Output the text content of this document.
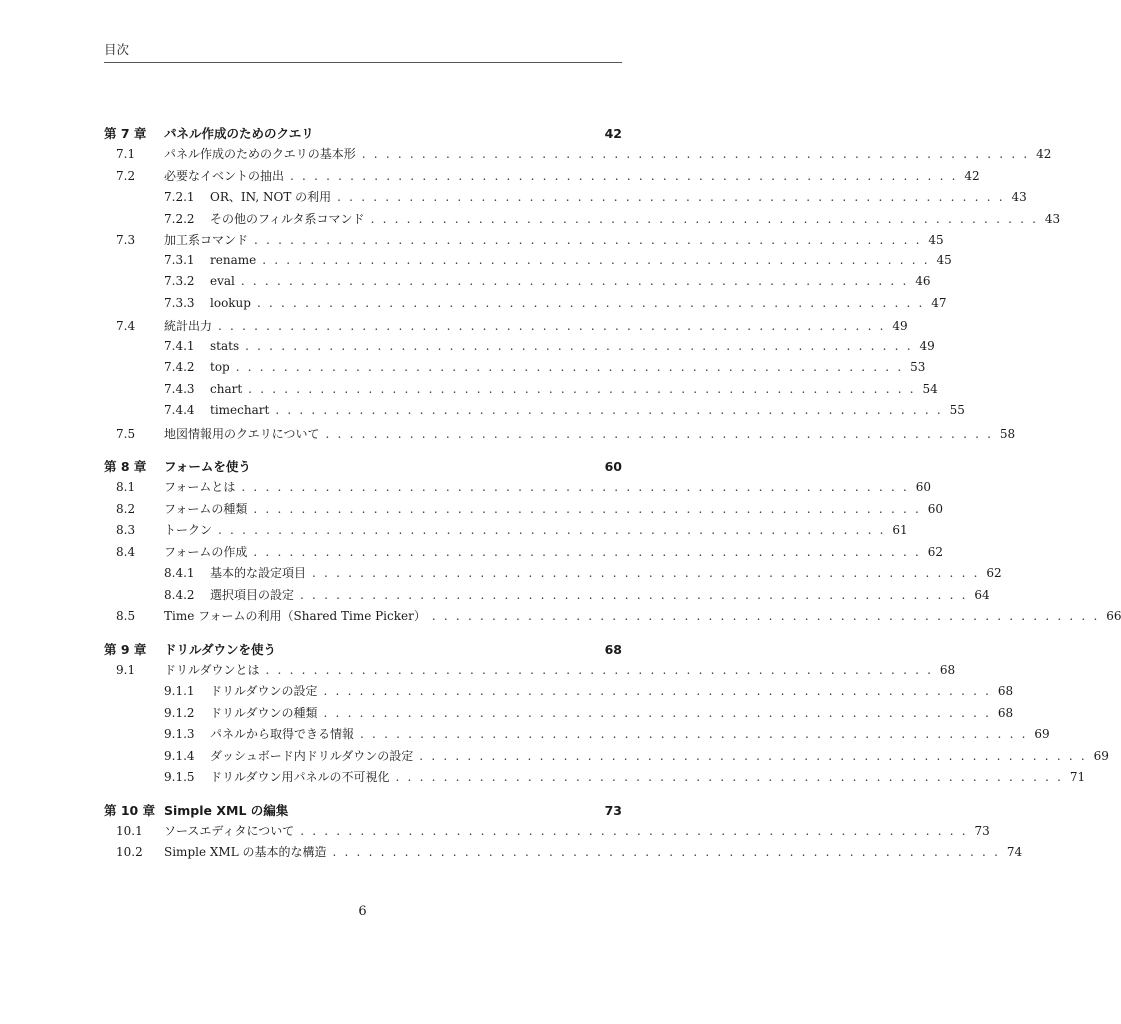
目次
第 7 章	パネル作成のためのクエリ	42
7.1	パネル作成のためのクエリの基本形 . . . . . . . . . . . . . . . . . . . . . . . . . . . . . . . . . . . . . . . . . . . . . . . . . . . . . . . . 42
7.2	必要なイベントの抽出 . . . . . . . . . . . . . . . . . . . . . . . . . . . . . . . . . . . . . . . . . . . . . . . . . . . . . . . . 42
7.2.1	OR、IN, NOT の利用 . . . . . . . . . . . . . . . . . . . . . . . . . . . . . . . . . . . . . . . . . . . . . . . . . . . . . . . . 43
7.2.2	その他のフィルタ系コマンド . . . . . . . . . . . . . . . . . . . . . . . . . . . . . . . . . . . . . . . . . . . . . . . . . . . . . . . . 43
7.3	加工系コマンド . . . . . . . . . . . . . . . . . . . . . . . . . . . . . . . . . . . . . . . . . . . . . . . . . . . . . . . . 45
7.3.1	rename . . . . . . . . . . . . . . . . . . . . . . . . . . . . . . . . . . . . . . . . . . . . . . . . . . . . . . . . 45
7.3.2	eval . . . . . . . . . . . . . . . . . . . . . . . . . . . . . . . . . . . . . . . . . . . . . . . . . . . . . . . . 46
7.3.3	lookup . . . . . . . . . . . . . . . . . . . . . . . . . . . . . . . . . . . . . . . . . . . . . . . . . . . . . . . . 47
7.4	統計出力 . . . . . . . . . . . . . . . . . . . . . . . . . . . . . . . . . . . . . . . . . . . . . . . . . . . . . . . . 49
7.4.1	stats . . . . . . . . . . . . . . . . . . . . . . . . . . . . . . . . . . . . . . . . . . . . . . . . . . . . . . . . 49
7.4.2	top . . . . . . . . . . . . . . . . . . . . . . . . . . . . . . . . . . . . . . . . . . . . . . . . . . . . . . . . 53
7.4.3	chart . . . . . . . . . . . . . . . . . . . . . . . . . . . . . . . . . . . . . . . . . . . . . . . . . . . . . . . . 54
7.4.4	timechart . . . . . . . . . . . . . . . . . . . . . . . . . . . . . . . . . . . . . . . . . . . . . . . . . . . . . . . . 55
7.5	地図情報用のクエリについて . . . . . . . . . . . . . . . . . . . . . . . . . . . . . . . . . . . . . . . . . . . . . . . . . . . . . . . . 58
第 8 章	フォームを使う	60
8.1	フォームとは . . . . . . . . . . . . . . . . . . . . . . . . . . . . . . . . . . . . . . . . . . . . . . . . . . . . . . . . 60
8.2	フォームの種類 . . . . . . . . . . . . . . . . . . . . . . . . . . . . . . . . . . . . . . . . . . . . . . . . . . . . . . . . 60
8.3	トークン . . . . . . . . . . . . . . . . . . . . . . . . . . . . . . . . . . . . . . . . . . . . . . . . . . . . . . . . 61
8.4	フォームの作成 . . . . . . . . . . . . . . . . . . . . . . . . . . . . . . . . . . . . . . . . . . . . . . . . . . . . . . . . 62
8.4.1	基本的な設定項目 . . . . . . . . . . . . . . . . . . . . . . . . . . . . . . . . . . . . . . . . . . . . . . . . . . . . . . . . 62
8.4.2	選択項目の設定 . . . . . . . . . . . . . . . . . . . . . . . . . . . . . . . . . . . . . . . . . . . . . . . . . . . . . . . . 64
8.5	Time フォームの利用（Shared Time Picker） . . . . . . . . . . . . . . . . . . . . . . . . . . . . . . . . . . . . . . . . . . . . . . . . . . . . . . . . 66
第 9 章	ドリルダウンを使う	68
9.1	ドリルダウンとは . . . . . . . . . . . . . . . . . . . . . . . . . . . . . . . . . . . . . . . . . . . . . . . . . . . . . . . . 68
9.1.1	ドリルダウンの設定 . . . . . . . . . . . . . . . . . . . . . . . . . . . . . . . . . . . . . . . . . . . . . . . . . . . . . . . . 68
9.1.2	ドリルダウンの種類 . . . . . . . . . . . . . . . . . . . . . . . . . . . . . . . . . . . . . . . . . . . . . . . . . . . . . . . . 68
9.1.3	パネルから取得できる情報 . . . . . . . . . . . . . . . . . . . . . . . . . . . . . . . . . . . . . . . . . . . . . . . . . . . . . . . . 69
9.1.4	ダッシュボード内ドリルダウンの設定 . . . . . . . . . . . . . . . . . . . . . . . . . . . . . . . . . . . . . . . . . . . . . . . . . . . . . . . . 69
9.1.5	ドリルダウン用パネルの不可視化 . . . . . . . . . . . . . . . . . . . . . . . . . . . . . . . . . . . . . . . . . . . . . . . . . . . . . . . . 71
第 10 章 Simple XML の編集	73
10.1	ソースエディタについて . . . . . . . . . . . . . . . . . . . . . . . . . . . . . . . . . . . . . . . . . . . . . . . . . . . . . . . . 73
10.2	Simple XML の基本的な構造 . . . . . . . . . . . . . . . . . . . . . . . . . . . . . . . . . . . . . . . . . . . . . . . . . . . . . . . . 74
6
